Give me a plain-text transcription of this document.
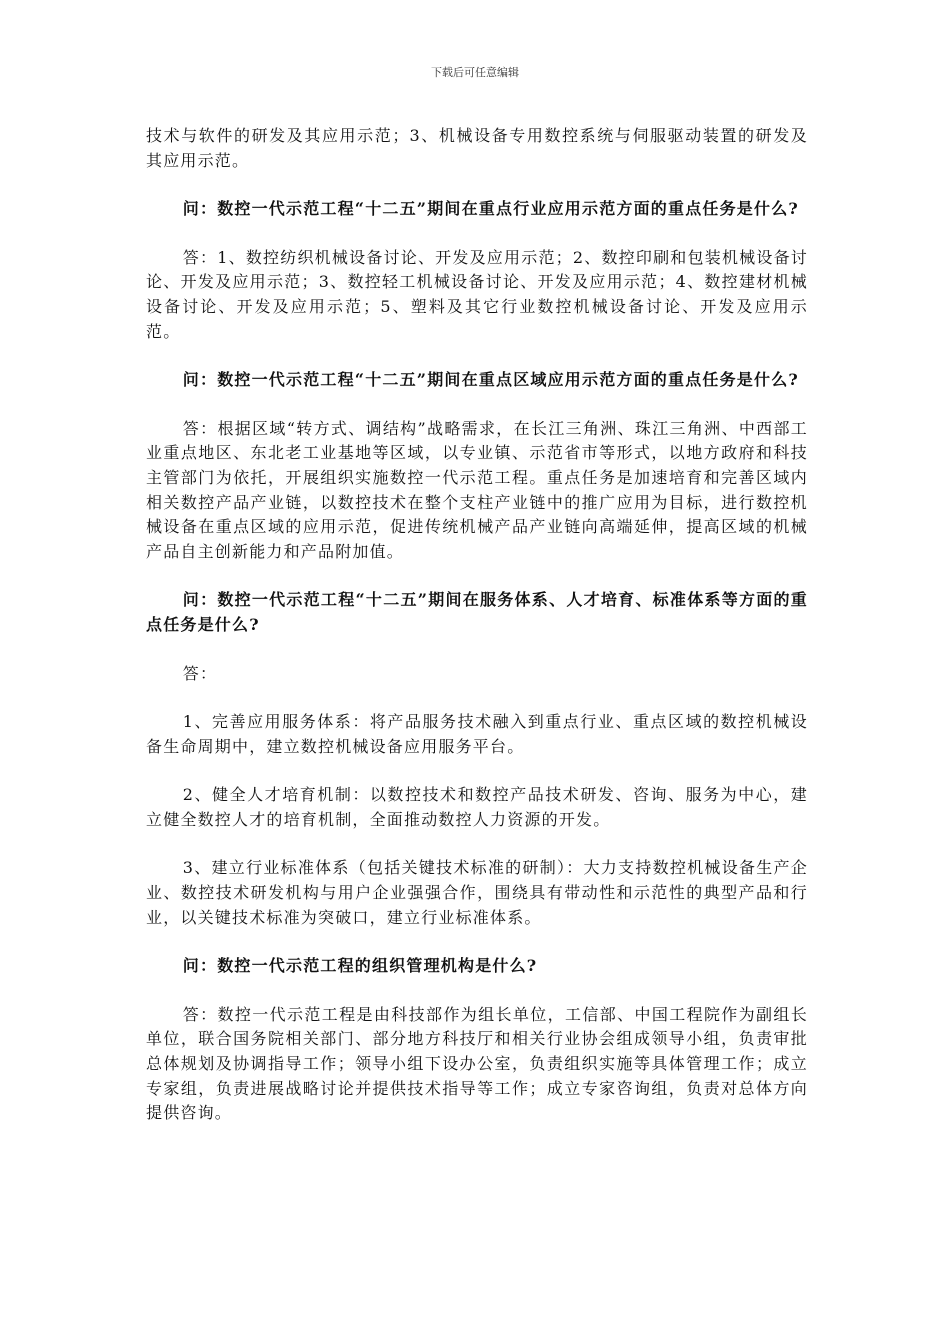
下载后可任意编辑

技术与软件的研发及其应用示范；3、机械设备专用数控系统与伺服驱动装置的研发及其应用示范。

问：数控一代示范工程“十二五”期间在重点行业应用示范方面的重点任务是什么?

答：1、数控纺织机械设备讨论、开发及应用示范；2、数控印刷和包装机械设备讨论、开发及应用示范；3、数控轻工机械设备讨论、开发及应用示范；4、数控建材机械设备讨论、开发及应用示范；5、塑料及其它行业数控机械设备讨论、开发及应用示范。

问：数控一代示范工程“十二五”期间在重点区域应用示范方面的重点任务是什么?

答：根据区域“转方式、调结构”战略需求，在长江三角洲、珠江三角洲、中西部工业重点地区、东北老工业基地等区域，以专业镇、示范省市等形式，以地方政府和科技主管部门为依托，开展组织实施数控一代示范工程。重点任务是加速培育和完善区域内相关数控产品产业链，以数控技术在整个支柱产业链中的推广应用为目标，进行数控机械设备在重点区域的应用示范，促进传统机械产品产业链向高端延伸，提高区域的机械产品自主创新能力和产品附加值。

问：数控一代示范工程“十二五”期间在服务体系、人才培育、标准体系等方面的重点任务是什么?

答：

1、完善应用服务体系：将产品服务技术融入到重点行业、重点区域的数控机械设备生命周期中，建立数控机械设备应用服务平台。

2、健全人才培育机制：以数控技术和数控产品技术研发、咨询、服务为中心，建立健全数控人才的培育机制，全面推动数控人力资源的开发。

3、建立行业标准体系（包括关键技术标准的研制）：大力支持数控机械设备生产企业、数控技术研发机构与用户企业强强合作，围绕具有带动性和示范性的典型产品和行业，以关键技术标准为突破口，建立行业标准体系。

问：数控一代示范工程的组织管理机构是什么?

答：数控一代示范工程是由科技部作为组长单位，工信部、中国工程院作为副组长单位，联合国务院相关部门、部分地方科技厅和相关行业协会组成领导小组，负责审批总体规划及协调指导工作；领导小组下设办公室，负责组织实施等具体管理工作；成立专家组，负责进展战略讨论并提供技术指导等工作；成立专家咨询组，负责对总体方向提供咨询。
